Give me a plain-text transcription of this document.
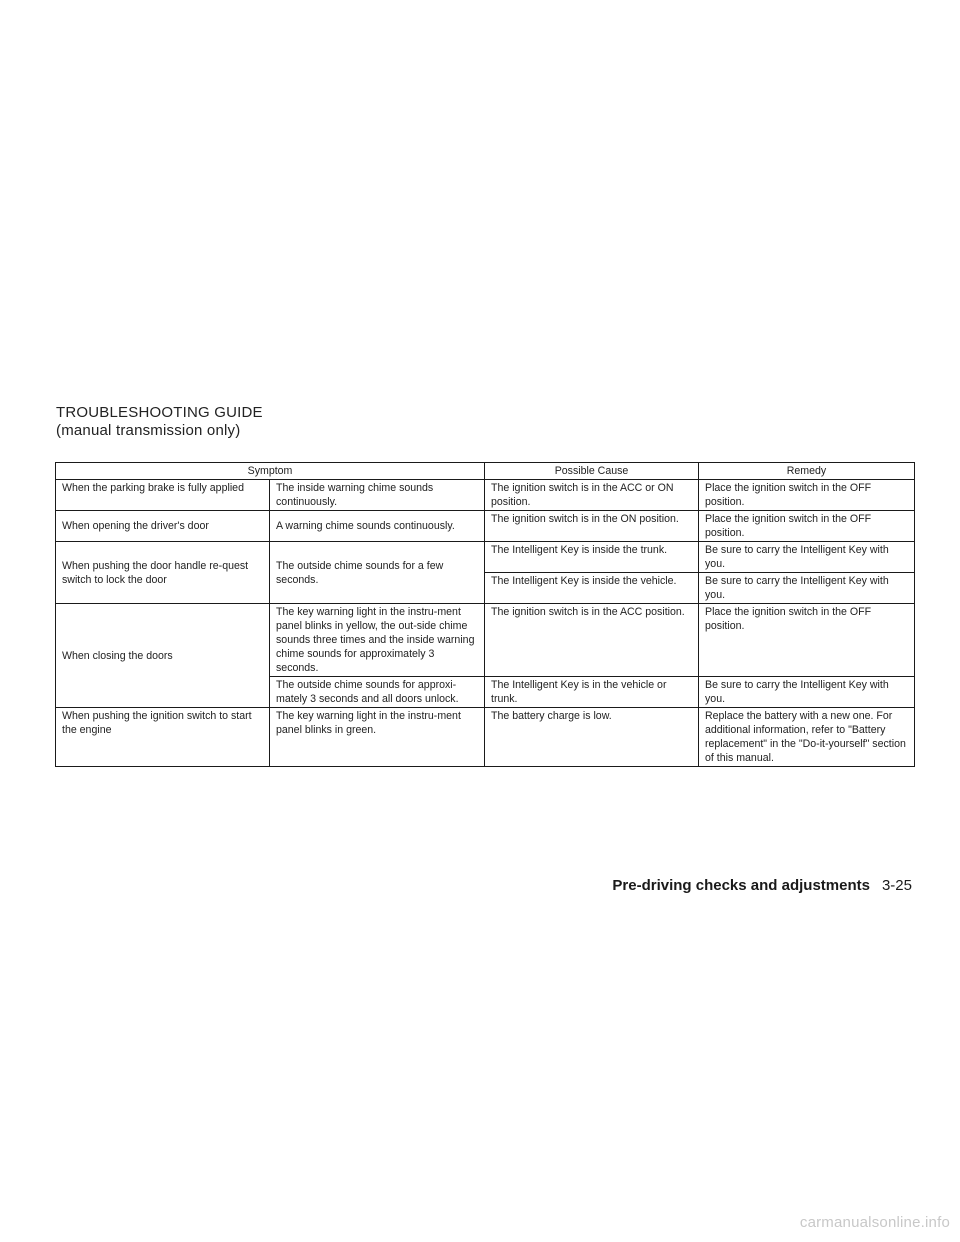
TROUBLESHOOTING GUIDE
(manual transmission only)
Symptom		Possible Cause	Remedy
When the parking brake is fully applied	The inside warning chime sounds continuously.	The ignition switch is in the ACC or ON position.	Place the ignition switch in the OFF position.
When opening the driver's door	A warning chime sounds continuously.	The ignition switch is in the ON position.	Place the ignition switch in the OFF position.
When pushing the door handle re-quest switch to lock the door	The outside chime sounds for a few seconds.	The Intelligent Key is inside the trunk.	Be sure to carry the Intelligent Key with you.
		The Intelligent Key is inside the vehicle.	Be sure to carry the Intelligent Key with you.
When closing the doors	The key warning light in the instru-ment panel blinks in yellow, the out-side chime sounds three times and the inside warning chime sounds for approximately 3 seconds.	The ignition switch is in the ACC position.	Place the ignition switch in the OFF position.
	The outside chime sounds for approxi-mately 3 seconds and all doors unlock.	The Intelligent Key is in the vehicle or trunk.	Be sure to carry the Intelligent Key with you.
When pushing the ignition switch to start the engine	The key warning light in the instru-ment panel blinks in green.	The battery charge is low.	Replace the battery with a new one. For additional information, refer to "Battery replacement" in the "Do-it-yourself" section of this manual.
Pre-driving checks and adjustments 3-25
carmanualsonline.info
